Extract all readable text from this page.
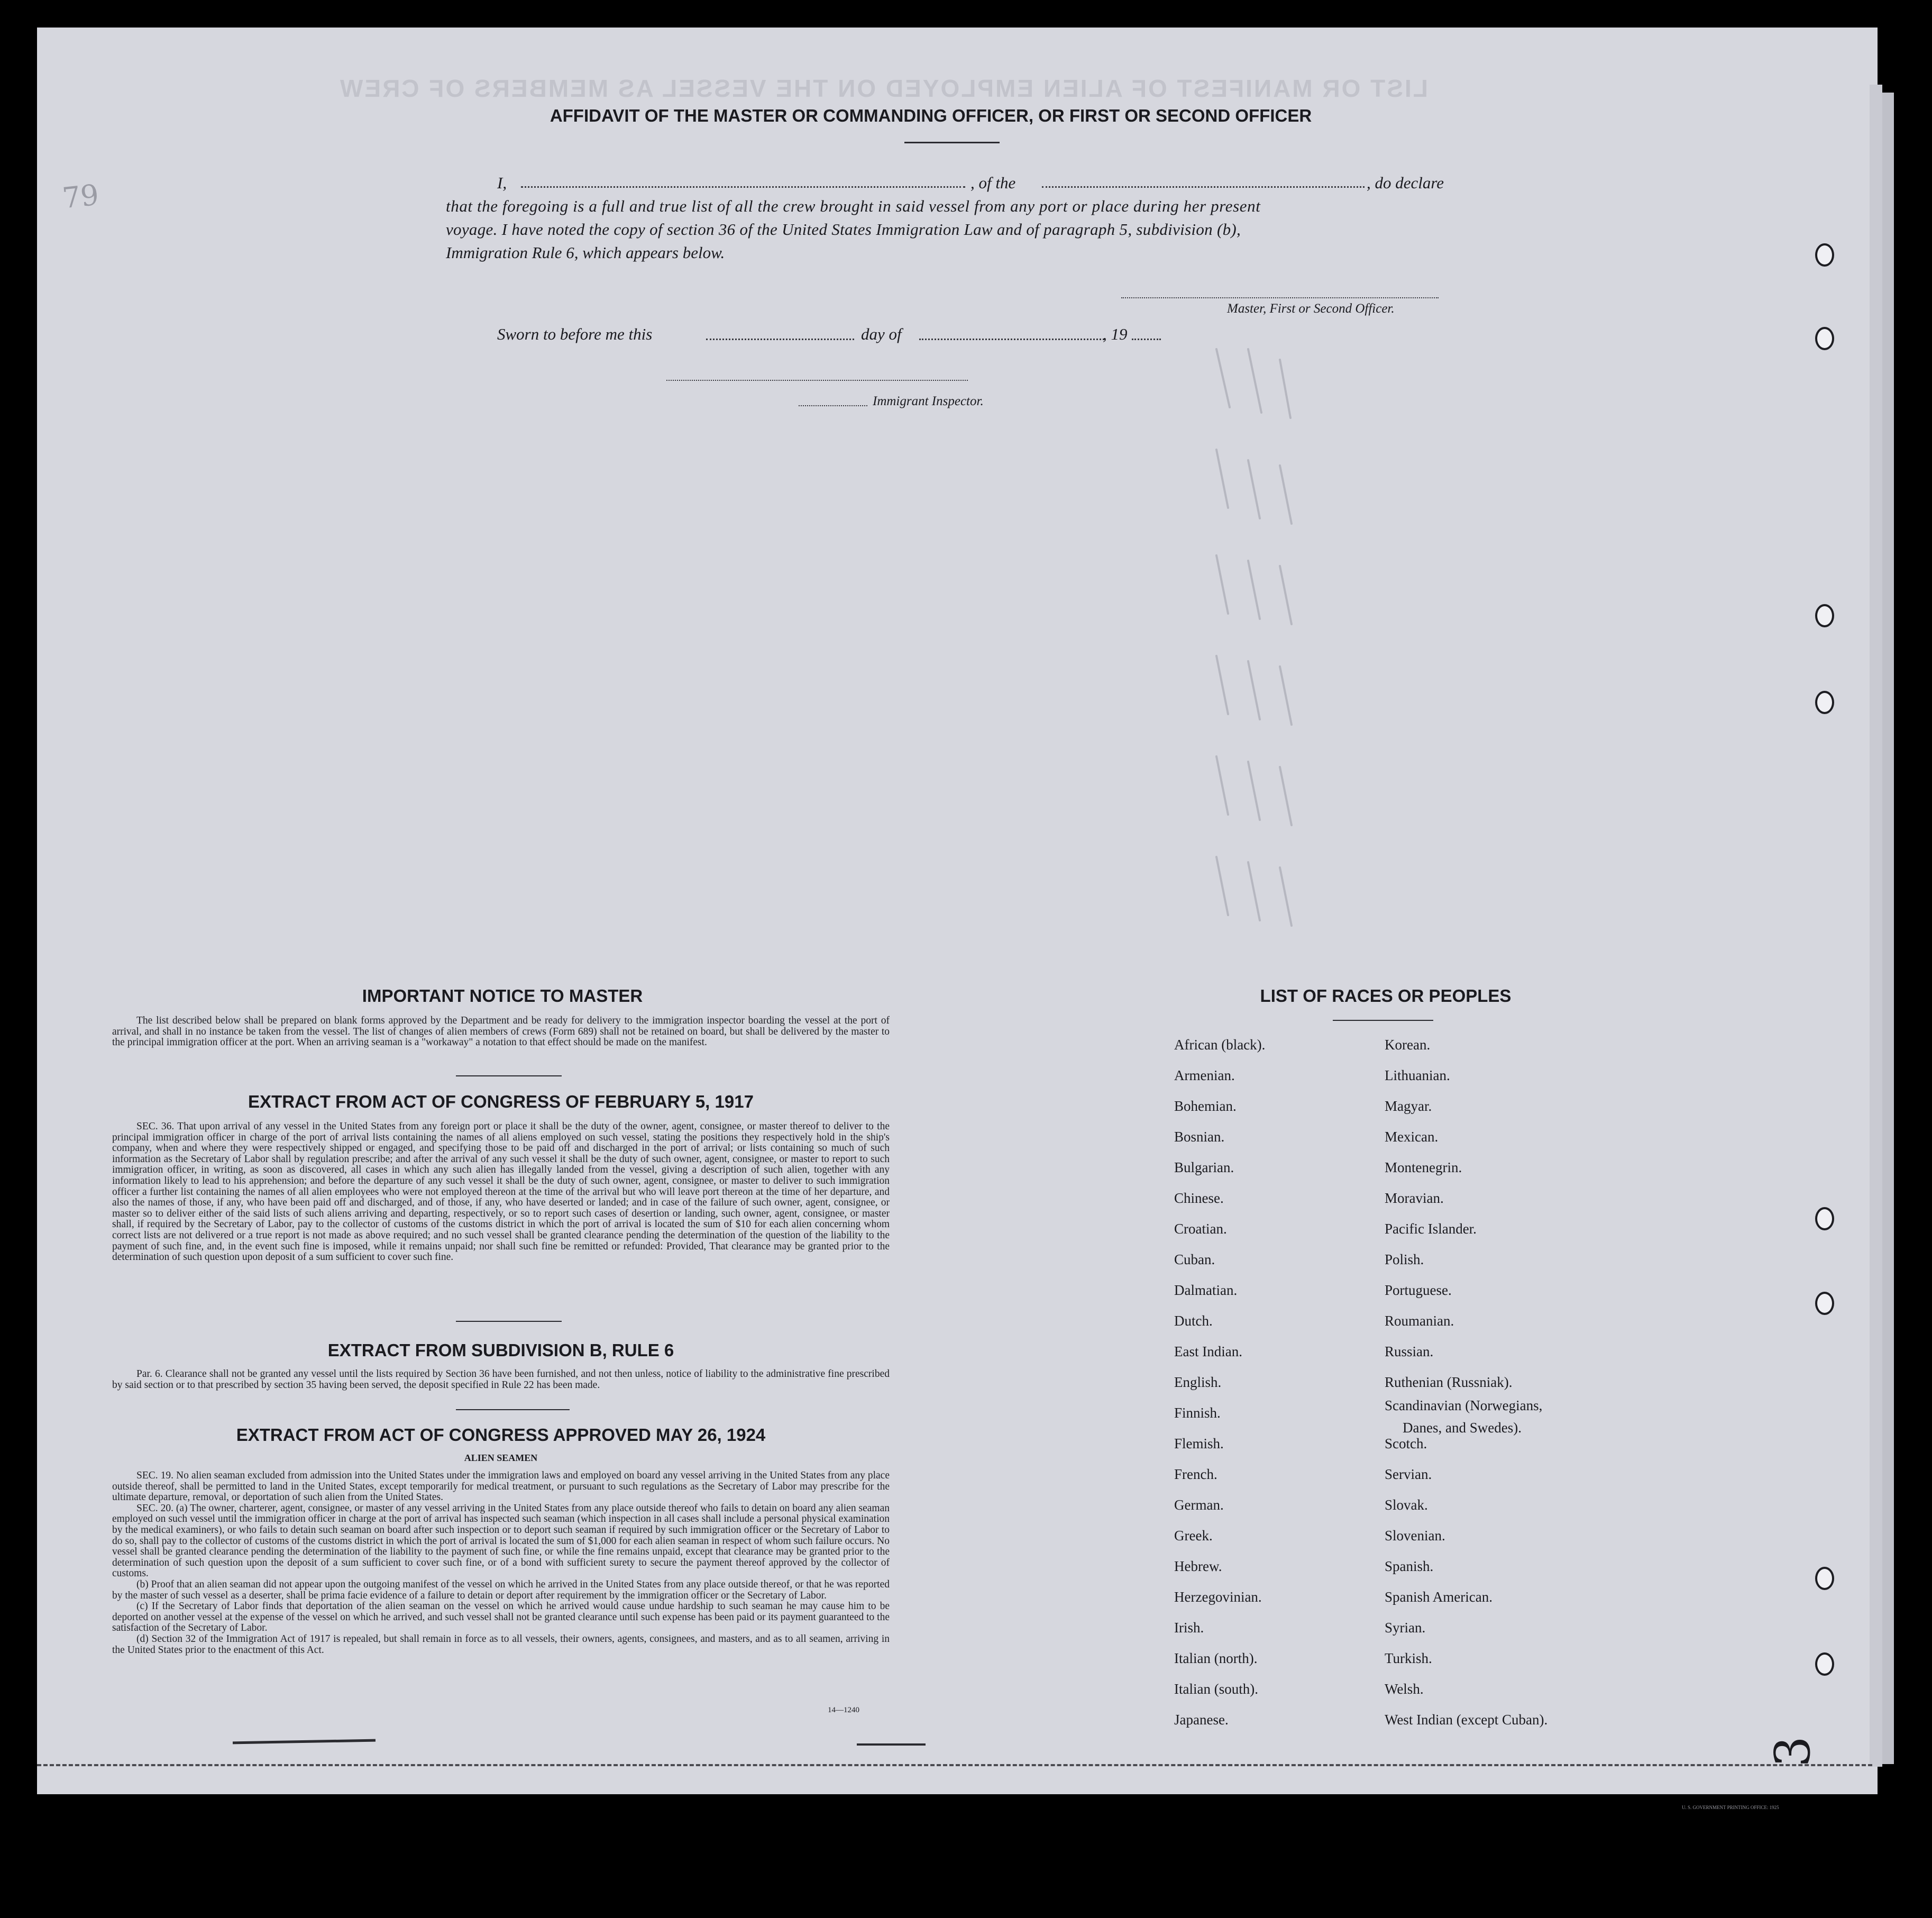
LIST OR MANIFEST OF ALIEN EMPLOYED ON THE VESSEL AS MEMBERS OF CREW
79
AFFIDAVIT OF THE MASTER OR COMMANDING OFFICER, OR FIRST OR SECOND OFFICER
I,	, of the	, do declare
that the foregoing is a full and true list of all the crew brought in said vessel from any port or place during her present
voyage. I have noted the copy of section 36 of the United States Immigration Law and of paragraph 5, subdivision (b),
Immigration Rule 6, which appears below.
Master, First or Second Officer.
Sworn to before me this	day of	, 19
Immigrant Inspector.
IMPORTANT NOTICE TO MASTER

The list described below shall be prepared on blank forms approved by the Department and be ready for delivery to the immigration inspector boarding the vessel at the port of arrival, and shall in no instance be taken from the vessel. The list of changes of alien members of crews (Form 689) shall not be retained on board, but shall be delivered by the master to the principal immigration officer at the port. When an arriving seaman is a "workaway" a notation to that effect should be made on the manifest.

EXTRACT FROM ACT OF CONGRESS OF FEBRUARY 5, 1917

SEC. 36. That upon arrival of any vessel in the United States from any foreign port or place it shall be the duty of the owner, agent, consignee, or master thereof to deliver to the principal immigration officer in charge of the port of arrival lists containing the names of all aliens employed on such vessel, stating the positions they respectively hold in the ship's company, when and where they were respectively shipped or engaged, and specifying those to be paid off and discharged in the port of arrival; or lists containing so much of such information as the Secretary of Labor shall by regulation prescribe; and after the arrival of any such vessel it shall be the duty of such owner, agent, consignee, or master to report to such immigration officer, in writing, as soon as discovered, all cases in which any such alien has illegally landed from the vessel, giving a description of such alien, together with any information likely to lead to his apprehension; and before the departure of any such vessel it shall be the duty of such owner, agent, consignee, or master to deliver to such immigration officer a further list containing the names of all alien employees who were not employed thereon at the time of the arrival but who will leave port thereon at the time of her departure, and also the names of those, if any, who have been paid off and discharged, and of those, if any, who have deserted or landed; and in case of the failure of such owner, agent, consignee, or master so to deliver either of the said lists of such aliens arriving and departing, respectively, or so to report such cases of desertion or landing, such owner, agent, consignee, or master shall, if required by the Secretary of Labor, pay to the collector of customs of the customs district in which the port of arrival is located the sum of $10 for each alien concerning whom correct lists are not delivered or a true report is not made as above required; and no such vessel shall be granted clearance pending the determination of the question of the liability to the payment of such fine, and, in the event such fine is imposed, while it remains unpaid; nor shall such fine be remitted or refunded: Provided, That clearance may be granted prior to the determination of such question upon deposit of a sum sufficient to cover such fine.

EXTRACT FROM SUBDIVISION B, RULE 6

Par. 6. Clearance shall not be granted any vessel until the lists required by Section 36 have been furnished, and not then unless, notice of liability to the administrative fine prescribed by said section or to that prescribed by section 35 having been served, the deposit specified in Rule 22 has been made.

EXTRACT FROM ACT OF CONGRESS APPROVED MAY 26, 1924
ALIEN SEAMEN

SEC. 19. No alien seaman excluded from admission into the United States under the immigration laws and employed on board any vessel arriving in the United States from any place outside thereof, shall be permitted to land in the United States, except temporarily for medical treatment, or pursuant to such regulations as the Secretary of Labor may prescribe for the ultimate departure, removal, or deportation of such alien from the United States.

SEC. 20. (a) The owner, charterer, agent, consignee, or master of any vessel arriving in the United States from any place outside thereof who fails to detain on board any alien seaman employed on such vessel until the immigration officer in charge at the port of arrival has inspected such seaman (which inspection in all cases shall include a personal physical examination by the medical examiners), or who fails to detain such seaman on board after such inspection or to deport such seaman if required by such immigration officer or the Secretary of Labor to do so, shall pay to the collector of customs of the customs district in which the port of arrival is located the sum of $1,000 for each alien seaman in respect of whom such failure occurs. No vessel shall be granted clearance pending the determination of the liability to the payment of such fine, or while the fine remains unpaid, except that clearance may be granted prior to the determination of such question upon the deposit of a sum sufficient to cover such fine, or of a bond with sufficient surety to secure the payment thereof approved by the collector of customs.

(b) Proof that an alien seaman did not appear upon the outgoing manifest of the vessel on which he arrived in the United States from any place outside thereof, or that he was reported by the master of such vessel as a deserter, shall be prima facie evidence of a failure to detain or deport after requirement by the immigration officer or the Secretary of Labor.

(c) If the Secretary of Labor finds that deportation of the alien seaman on the vessel on which he arrived would cause undue hardship to such seaman he may cause him to be deported on another vessel at the expense of the vessel on which he arrived, and such vessel shall not be granted clearance until such expense has been paid or its payment guaranteed to the satisfaction of the Secretary of Labor.

(d) Section 32 of the Immigration Act of 1917 is repealed, but shall remain in force as to all vessels, their owners, agents, consignees, and masters, and as to all seamen, arriving in the United States prior to the enactment of this Act.

14—1240
LIST OF RACES OR PEOPLES
African (black).
Armenian.
Bohemian.
Bosnian.
Bulgarian.
Chinese.
Croatian.
Cuban.
Dalmatian.
Dutch.
East Indian.
English.
Finnish.
Flemish.
French.
German.
Greek.
Hebrew.
Herzegovinian.
Irish.
Italian (north).
Italian (south).
Japanese.
Korean.
Lithuanian.
Magyar.
Mexican.
Montenegrin.
Moravian.
Pacific Islander.
Polish.
Portuguese.
Roumanian.
Russian.
Ruthenian (Russniak).
Scandinavian (Norwegians,
Danes, and Swedes).
Scotch.
Servian.
Slovak.
Slovenian.
Spanish.
Spanish American.
Syrian.
Turkish.
Welsh.
West Indian (except Cuban).
3
U. S. GOVERNMENT PRINTING OFFICE: 1925
